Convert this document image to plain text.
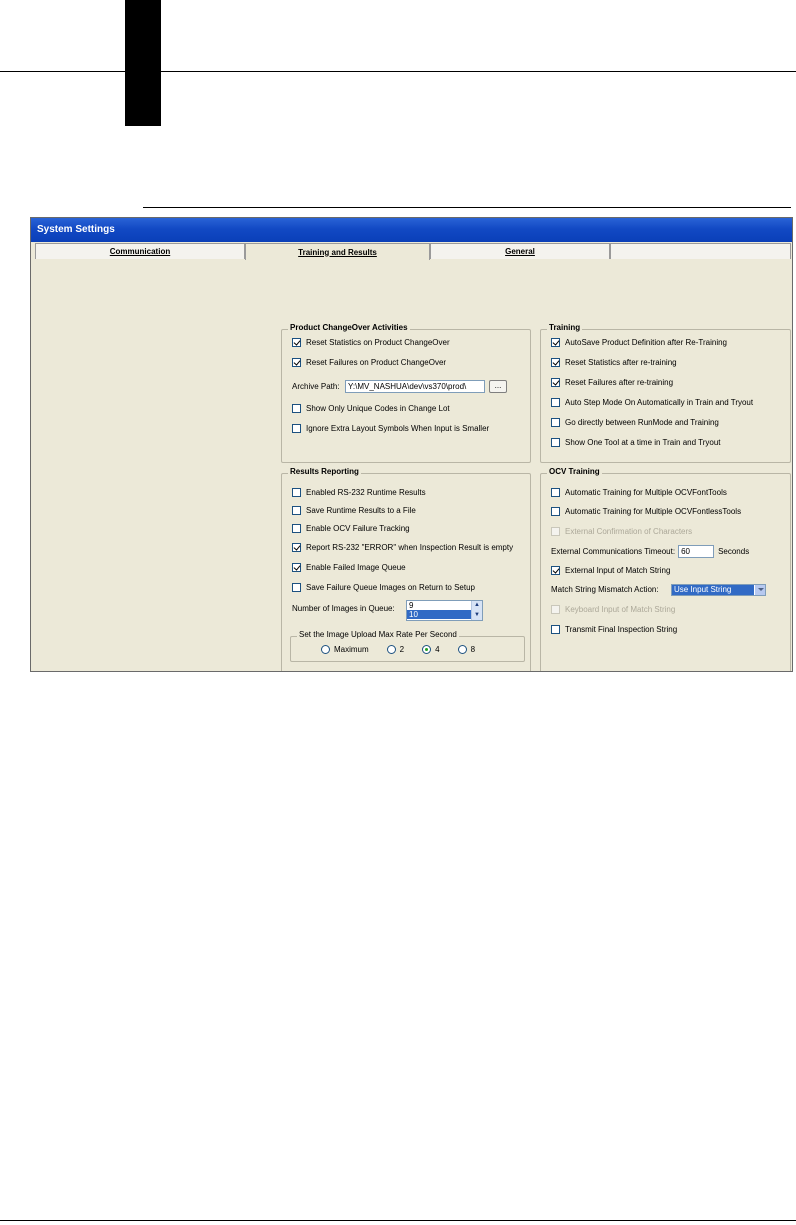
System Settings
Communication	Training and Results	General
Product ChangeOver Activities
Reset Statistics on Product ChangeOver
Reset Failures on Product ChangeOver
Archive Path:	Y:\MV_NASHUA\dev\vs370\prod\	...
Show Only Unique Codes in Change Lot
Ignore Extra Layout Symbols When Input is Smaller
Training
AutoSave Product Definition after Re-Training
Reset Statistics after re-training
Reset Failures after re-training
Auto Step Mode On Automatically in Train and Tryout
Go directly between RunMode and Training
Show One Tool at a time in Train and Tryout
Results Reporting
Enabled RS-232 Runtime Results
Save Runtime Results to a File
Enable OCV Failure Tracking
Report RS-232 "ERROR" when Inspection Result is empty
Enable Failed Image Queue
Save Failure Queue Images on Return to Setup
Number of Images in Queue: 9
10
▲
▼
Set the Image Upload Max Rate Per Second
Maximum	2	4	8
OCV Training
Automatic Training for Multiple OCVFontTools
Automatic Training for Multiple OCVFontlessTools
External Confirmation of Characters
External Communications Timeout: 60	Seconds
External Input of Match String
Match String Mismatch Action:	Use Input String
Keyboard Input of Match String
Transmit Final Inspection String
